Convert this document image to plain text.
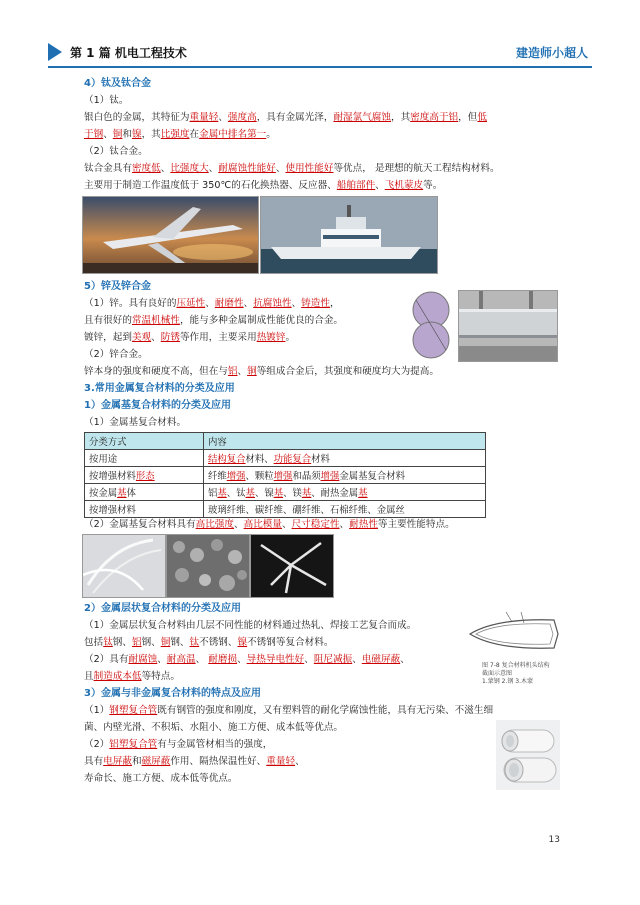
第 1 篇 机电工程技术	建造师小超人
4）钛及钛合金
（1）钛。
银白色的金属，其特征为重量轻、强度高，具有金属光泽，耐湿氯气腐蚀，其密度高于铝，但低
于钢、铜和镍，其比强度在金属中排名第一。
（2）钛合金。
钛合金具有密度低、比强度大、耐腐蚀性能好、使用性能好等优点， 是理想的航天工程结构材料。
主要用于制造工作温度低于 350℃的石化换热器、反应器、船舶部件、飞机蒙皮等。
5）锌及锌合金
（1）锌。具有良好的压延性、耐磨性、抗腐蚀性、铸造性，
且有很好的常温机械性，能与多种金属制成性能优良的合金。
镀锌，起到美观、防锈等作用，主要采用热镀锌。
（2）锌合金。
锌本身的强度和硬度不高，但在与铝、铜等组成合金后，其强度和硬度均大为提高。
3.常用金属复合材料的分类及应用
1）金属基复合材料的分类及应用
（1）金属基复合材料。
分类方式	内容
按用途	结构复合材料、功能复合材料
按增强材料形态	纤维增强、颗粒增强和晶须增强金属基复合材料
按金属基体	铝基、钛基、镍基、镁基、耐热金属基
按增强材料	玻璃纤维、碳纤维、硼纤维、石棉纤维、金属丝
（2）金属基复合材料具有高比强度、高比模量、尺寸稳定性、耐热性等主要性能特点。
2）金属层状复合材料的分类及应用
（1）金属层状复合材料由几层不同性能的材料通过热轧、焊接工艺复合而成。
包括钛钢、铝钢、铜钢、钛不锈钢、镍不锈钢等复合材料。
（2）具有耐腐蚀、耐高温、 耐磨损、导热导电性好、阻尼减振、电磁屏蔽、
且制造成本低等特点。
图 7-8 复合材料机头结构
截面示意图
1.蒙钢 2.钢 3.木蒙
3）金属与非金属复合材料的特点及应用
（1）钢塑复合管既有钢管的强度和刚度，又有塑料管的耐化学腐蚀性能，具有无污染、不滋生细
菌、内壁光滑、不积垢、水阻小、施工方便、成本低等优点。
（2）铝塑复合管有与金属管材相当的强度，
具有电屏蔽和磁屏蔽作用、隔热保温性好、重量轻、
寿命长、施工方便、成本低等优点。
13
